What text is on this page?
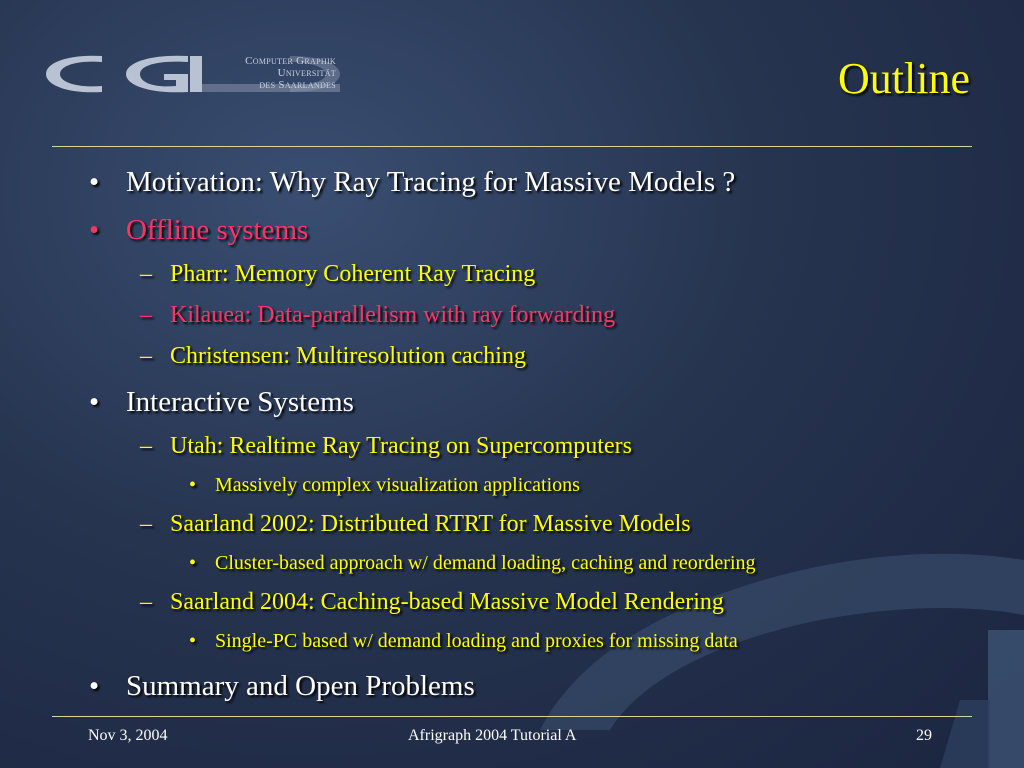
Computer Graphik
Universität
des Saarlandes	Outline
• Motivation: Why Ray Tracing for Massive Models ?
• Offline systems
– Pharr: Memory Coherent Ray Tracing
– Kilauea: Data-parallelism with ray forwarding
– Christensen: Multiresolution caching
• Interactive Systems
– Utah: Realtime Ray Tracing on Supercomputers
• Massively complex visualization applications
– Saarland 2002: Distributed RTRT for Massive Models
• Cluster-based approach w/ demand loading, caching and reordering
– Saarland 2004: Caching-based Massive Model Rendering
• Single-PC based w/ demand loading and proxies for missing data
• Summary and Open Problems
Nov 3, 2004	Afrigraph 2004 Tutorial A	29
